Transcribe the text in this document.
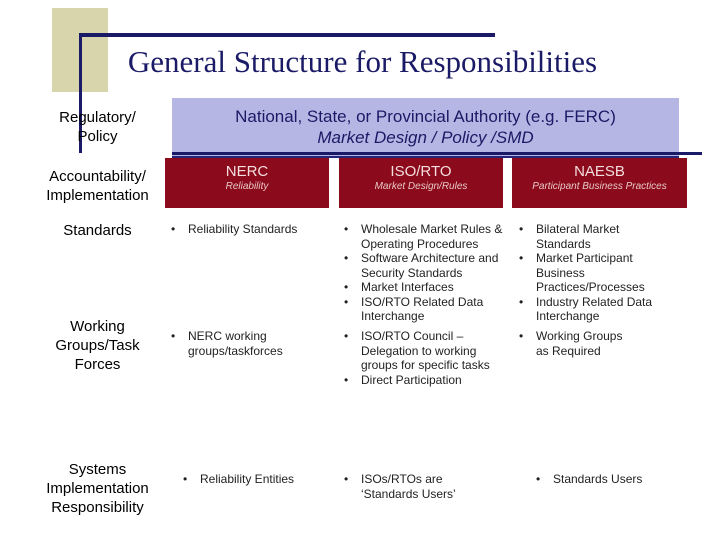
General Structure for Responsibilities
Regulatory/
Policy
Accountability/
Implementation
Standards
Working
Groups/Task
Forces
Systems
Implementation
Responsibility
National, State, or Provincial Authority (e.g. FERC)
Market Design / Policy /SMD
NERC
Reliability
ISO/RTO
Market Design/Rules
NAESB
Participant Business Practices
• Reliability Standards	• Wholesale Market Rules & Operating Procedures
• Software Architecture and Security Standards
• Market Interfaces
• ISO/RTO Related Data Interchange
• Bilateral Market Standards
• Market Participant Business Practices/Processes
• Industry Related Data Interchange
• NERC working groups/taskforces
• ISO/RTO Council – Delegation to working groups for specific tasks
• Direct Participation
• Working Groups as Required
• Reliability Entities	• ISOs/RTOs are ‘Standards Users’
• Standards Users
